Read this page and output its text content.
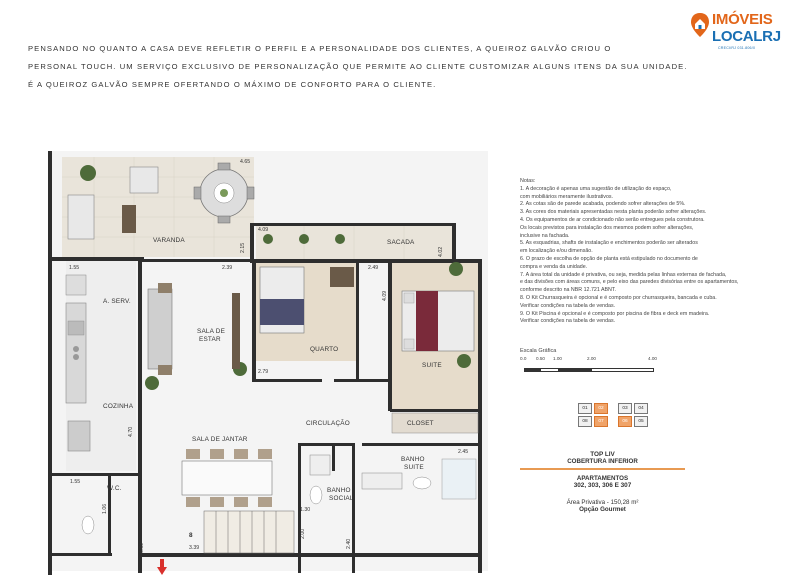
PENSANDO NO QUANTO A CASA DEVE REFLETIR O PERFIL E A PERSONALIDADE DOS CLIENTES, A QUEIROZ GALVÃO CRIOU O
PERSONAL TOUCH. UM SERVIÇO EXCLUSIVO DE PERSONALIZAÇÃO QUE PERMITE AO CLIENTE CUSTOMIZAR ALGUNS ITENS DA SUA UNIDADE.
É A QUEIROZ GALVÃO SEMPRE OFERTANDO O MÁXIMO DE CONFORTO PARA O CLIENTE.
IMÓVEIS
LOCALRJ
CRECI/RJ 031.806/0
VARANDA	SACADA
A. SERV.
SALA DE
ESTAR
QUARTO
SUITE
COZINHA
CIRCULAÇÃO	CLOSET
SALA DE JANTAR
BANHO
SUITE
W.C.	BANHO
SOCIAL
8
4.65
4.09
2.15
1.55	2.39	2.49
4.02
4.09
2.79
4.70
2.45
1.55
1.06	1.30
3.39
6.59
2.00
2.40
Notas:
1. A decoração é apenas uma sugestão de utilização do espaço,
com mobiliários meramente ilustrativos.
2. As cotas são de parede acabada, podendo sofrer alterações de 5%.
3. As cores dos materiais apresentadas nesta planta poderão sofrer alterações.
4. Os equipamentos de ar condicionado não serão entregues pela construtora.
Os locais previstos para instalação dos mesmos podem sofrer alterações,
inclusive na fachada.
5. As esquadrias, shafts de instalação e enchimentos poderão ser alterados
em localização e/ou dimensão.
6. O prazo de escolha de opção de planta está estipulado no documento de
compra e venda da unidade.
7. A área total da unidade é privativa, ou seja, medida pelas linhas externas de fachada,
e das divisões com áreas comuns, e pelo eixo das paredes divisórias entre os apartamentos,
conforme descrito na NBR 12.721 ABNT.
8. O Kit Churrasqueira é opcional e é composto por churrasqueira, bancada e cuba.
Verificar condições na tabela de vendas.
9. O Kit Piscina é opcional e é composto por piscina de fibra e deck em madeira.
Verificar condições na tabela de vendas.
Escala Gráfica
0.0 0.50 1.00	2.00	4.00
01	02	03	04
08	07	06	05
TOP LIV
COBERTURA INFERIOR
APARTAMENTOS
302, 303, 306 E 307
Área Privativa - 150,28 m²
Opção Gourmet
